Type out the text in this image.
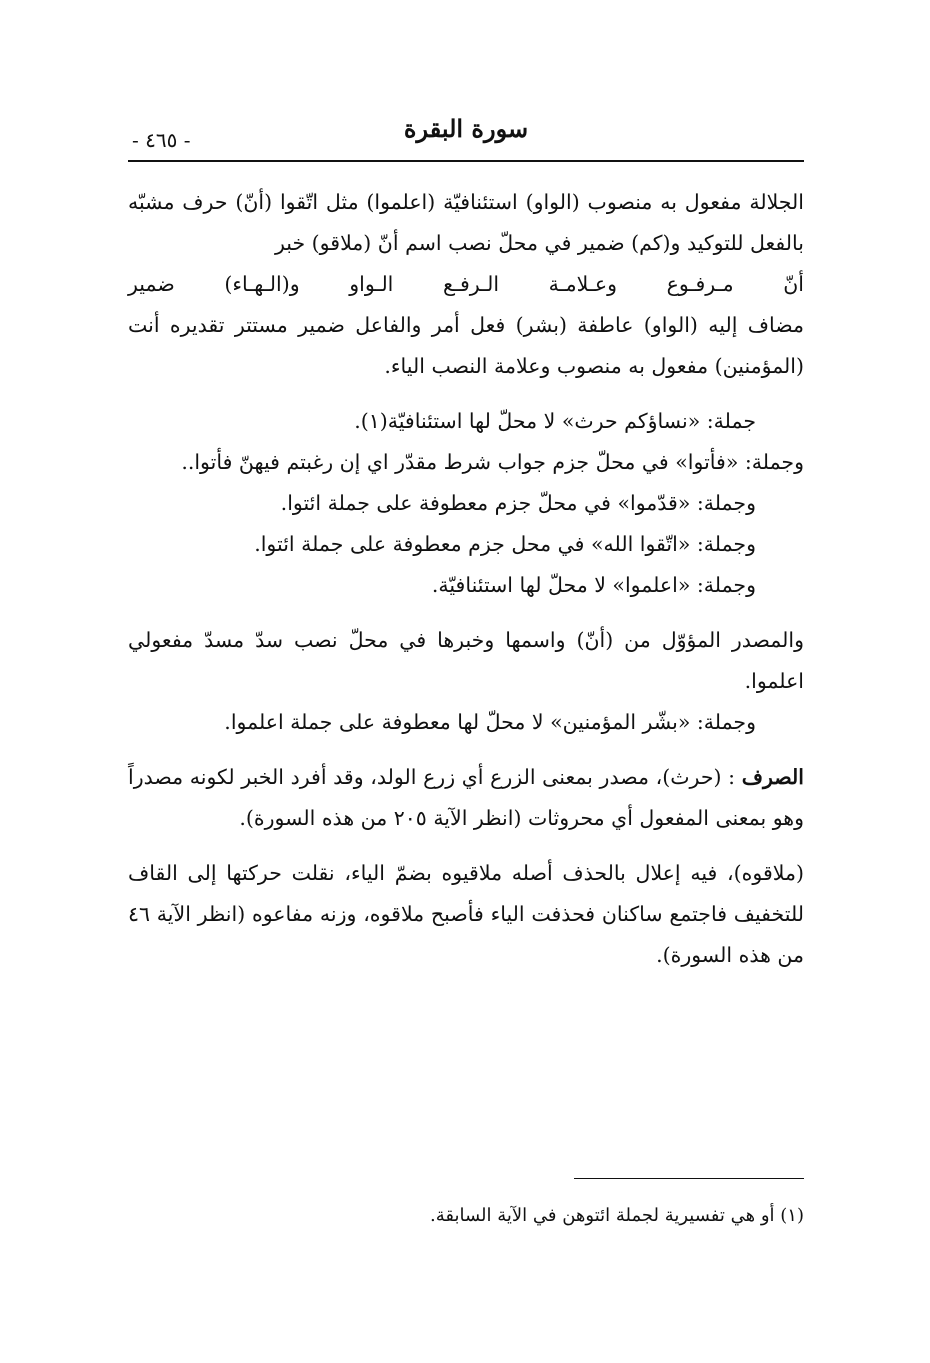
سورة البقرة
- ٤٦٥ -

الجلالة مفعول به منصوب (الواو) استئنافيّة (اعلموا) مثل اتّقوا (أنّ) حرف مشبّه بالفعل للتوكيد و(كم) ضمير في محلّ نصب اسم أنّ (ملاقو) خبر

أنّ مـرفـوع وعـلامـة الـرفـع الـواو و(الـهـاء) ضمير

مضاف إليه (الواو) عاطفة (بشر) فعل أمر والفاعل ضمير مستتر تقديره أنت (المؤمنين) مفعول به منصوب وعلامة النصب الياء.

جملة: «نساؤكم حرث» لا محلّ لها استئنافيّة(١).

وجملة: «فأتوا» في محلّ جزم جواب شرط مقدّر اي إن رغبتم فيهنّ فأتوا..

وجملة: «قدّموا» في محلّ جزم معطوفة على جملة ائتوا.

وجملة: «اتّقوا الله» في محل جزم معطوفة على جملة ائتوا.

وجملة: «اعلموا» لا محلّ لها استئنافيّة.

والمصدر المؤوّل من (أنّ) واسمها وخبرها في محلّ نصب سدّ مسدّ مفعولي اعلموا.

وجملة: «بشّر المؤمنين» لا محلّ لها معطوفة على جملة اعلموا.

الصرف : (حرث)، مصدر بمعنى الزرع أي زرع الولد، وقد أفرد الخبر لكونه مصدراً وهو بمعنى المفعول أي محروثات (انظر الآية ٢٠٥ من هذه السورة).

(ملاقوه)، فيه إعلال بالحذف أصله ملاقيوه بضمّ الياء، نقلت حركتها إلى القاف للتخفيف فاجتمع ساكنان فحذفت الياء فأصبح ملاقوه، وزنه مفاعوه (انظر الآية ٤٦ من هذه السورة).

(١) أو هي تفسيرية لجملة ائتوهن في الآية السابقة.
